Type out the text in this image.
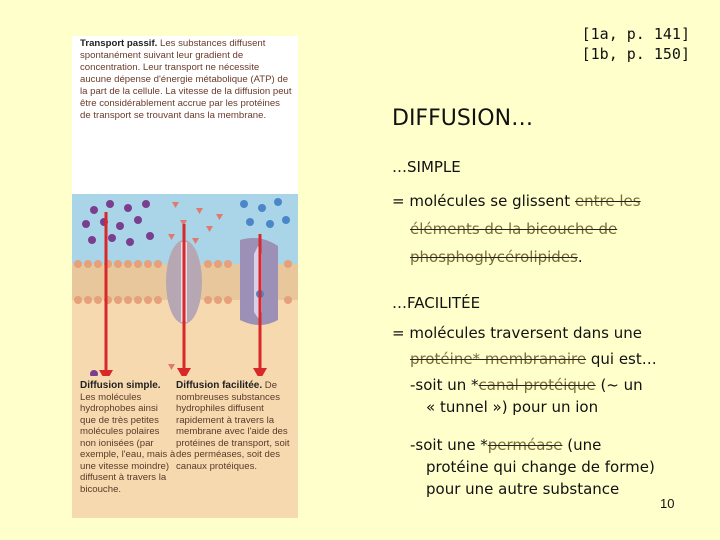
[1a, p. 141]
[1b, p. 150]
Transport passif. Les substances diffusent spontanément suivant leur gradient de concentration. Leur transport ne nécessite aucune dépense d'énergie métabolique (ATP) de la part de la cellule. La vitesse de la diffusion peut être considérablement accrue par les protéines de transport se trouvant dans la membrane.
Diffusion simple. Les molécules hydrophobes ainsi que de très petites molécules polaires non ionisées (par exemple, l'eau, mais à une vitesse moindre) diffusent à travers la bicouche.
Diffusion facilitée. De nombreuses substances hydrophiles diffusent rapidement à travers la membrane avec l'aide des protéines de transport, soit des perméases, soit des canaux protéiques.
DIFFUSION…
…SIMPLE
= molécules se glissent entre les
éléments de la bicouche de
phosphoglycérolipides.
…FACILITÉE
= molécules traversent dans une
protéine* membranaire qui est…
-soit un *canal protéique (~ un
« tunnel ») pour un ion
-soit une *perméase (une
protéine qui change de forme)
pour une autre substance
10
